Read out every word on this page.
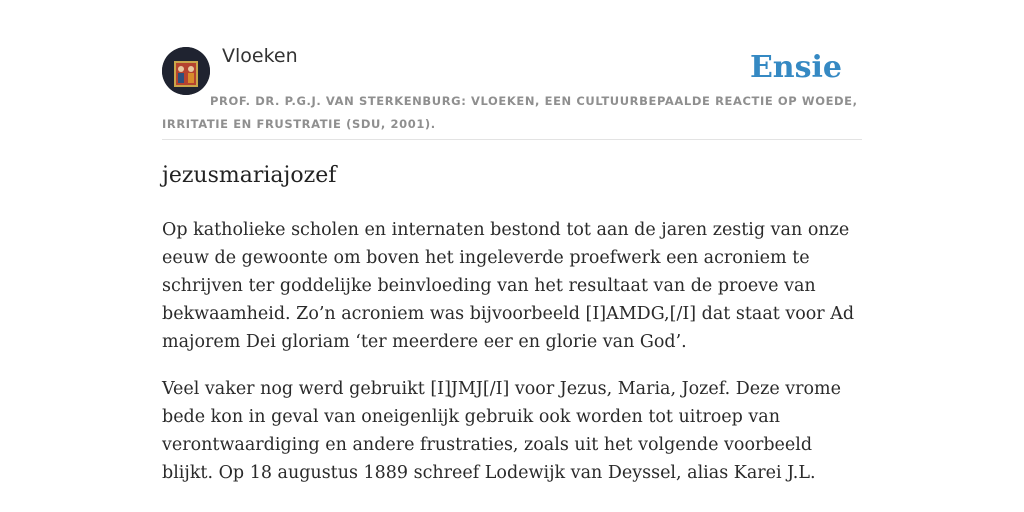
Vloeken	Ensie
PROF. DR. P.G.J. VAN STERKENBURG: VLOEKEN, EEN CULTUURBEPAALDE REACTIE OP WOEDE, IRRITATIE EN FRUSTRATIE (SDU, 2001).
jezusmariajozef

Op katholieke scholen en internaten bestond tot aan de jaren zestig van onze eeuw de gewoonte om boven het ingeleverde proefwerk een acroniem te schrijven ter goddelijke beinvloeding van het resultaat van de proeve van bekwaamheid. Zo’n acroniem was bijvoorbeeld [I]AMDG,[/I] dat staat voor Ad majorem Dei gloriam ‘ter meerdere eer en glorie van God’.

Veel vaker nog werd gebruikt [I]JMJ[/I] voor Jezus, Maria, Jozef. Deze vrome bede kon in geval van oneigenlijk gebruik ook worden tot uitroep van verontwaardiging en andere frustraties, zoals uit het volgende voorbeeld blijkt. Op 18 augustus 1889 schreef Lodewijk van Deyssel, alias Karei J.L.
